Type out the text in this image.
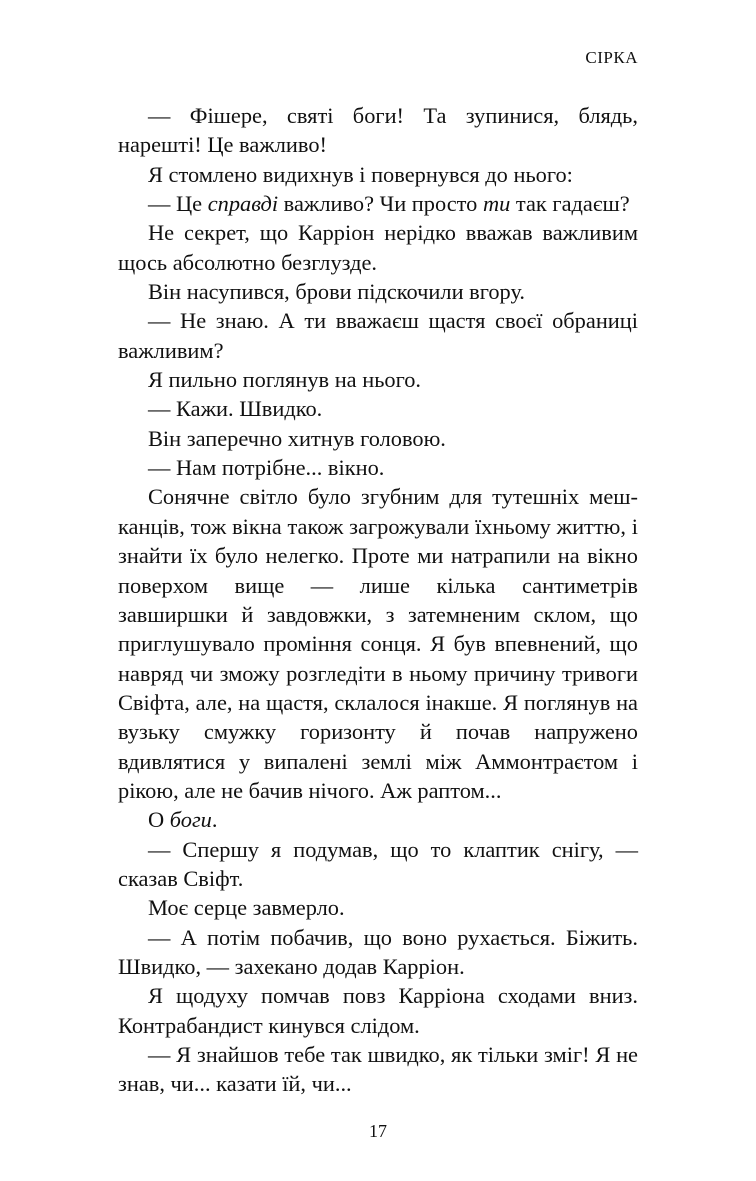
СІРКА

— Фішере, святі боги! Та зупинися, блядь, нарешті! Це важливо!

Я стомлено видихнув і повернувся до нього:

— Це справді важливо? Чи просто ти так гадаєш?

Не секрет, що Карріон нерідко вважав важливим щось абсолютно безглузде.

Він насупився, брови підскочили вгору.

— Не знаю. А ти вважаєш щастя своєї обраниці важливим?

Я пильно поглянув на нього.

— Кажи. Швидко.

Він заперечно хитнув головою.

— Нам потрібне... вікно.

Сонячне світло було згубним для тутешніх мешканців, тож вікна також загрожували їхньому життю, і знайти їх було нелегко. Проте ми натрапили на вікно поверхом вище — лише кілька сантиметрів завширшки й завдовжки, з затемненим склом, що приглушувало проміння сонця. Я був впевнений, що навряд чи зможу розгледіти в ньому причину тривоги Свіфта, але, на щастя, склалося інакше. Я поглянув на вузьку смужку горизонту й почав напружено вдивлятися у випалені землі між Аммонтраєтом і рікою, але не бачив нічого. Аж раптом...

О боги.

— Спершу я подумав, що то клаптик снігу, — сказав Свіфт.

Моє серце завмерло.

— А потім побачив, що воно рухається. Біжить. Швидко, — захекано додав Карріон.

Я щодуху помчав повз Карріона сходами вниз. Контрабандист кинувся слідом.

— Я знайшов тебе так швидко, як тільки зміг! Я не знав, чи... казати їй, чи...

17
